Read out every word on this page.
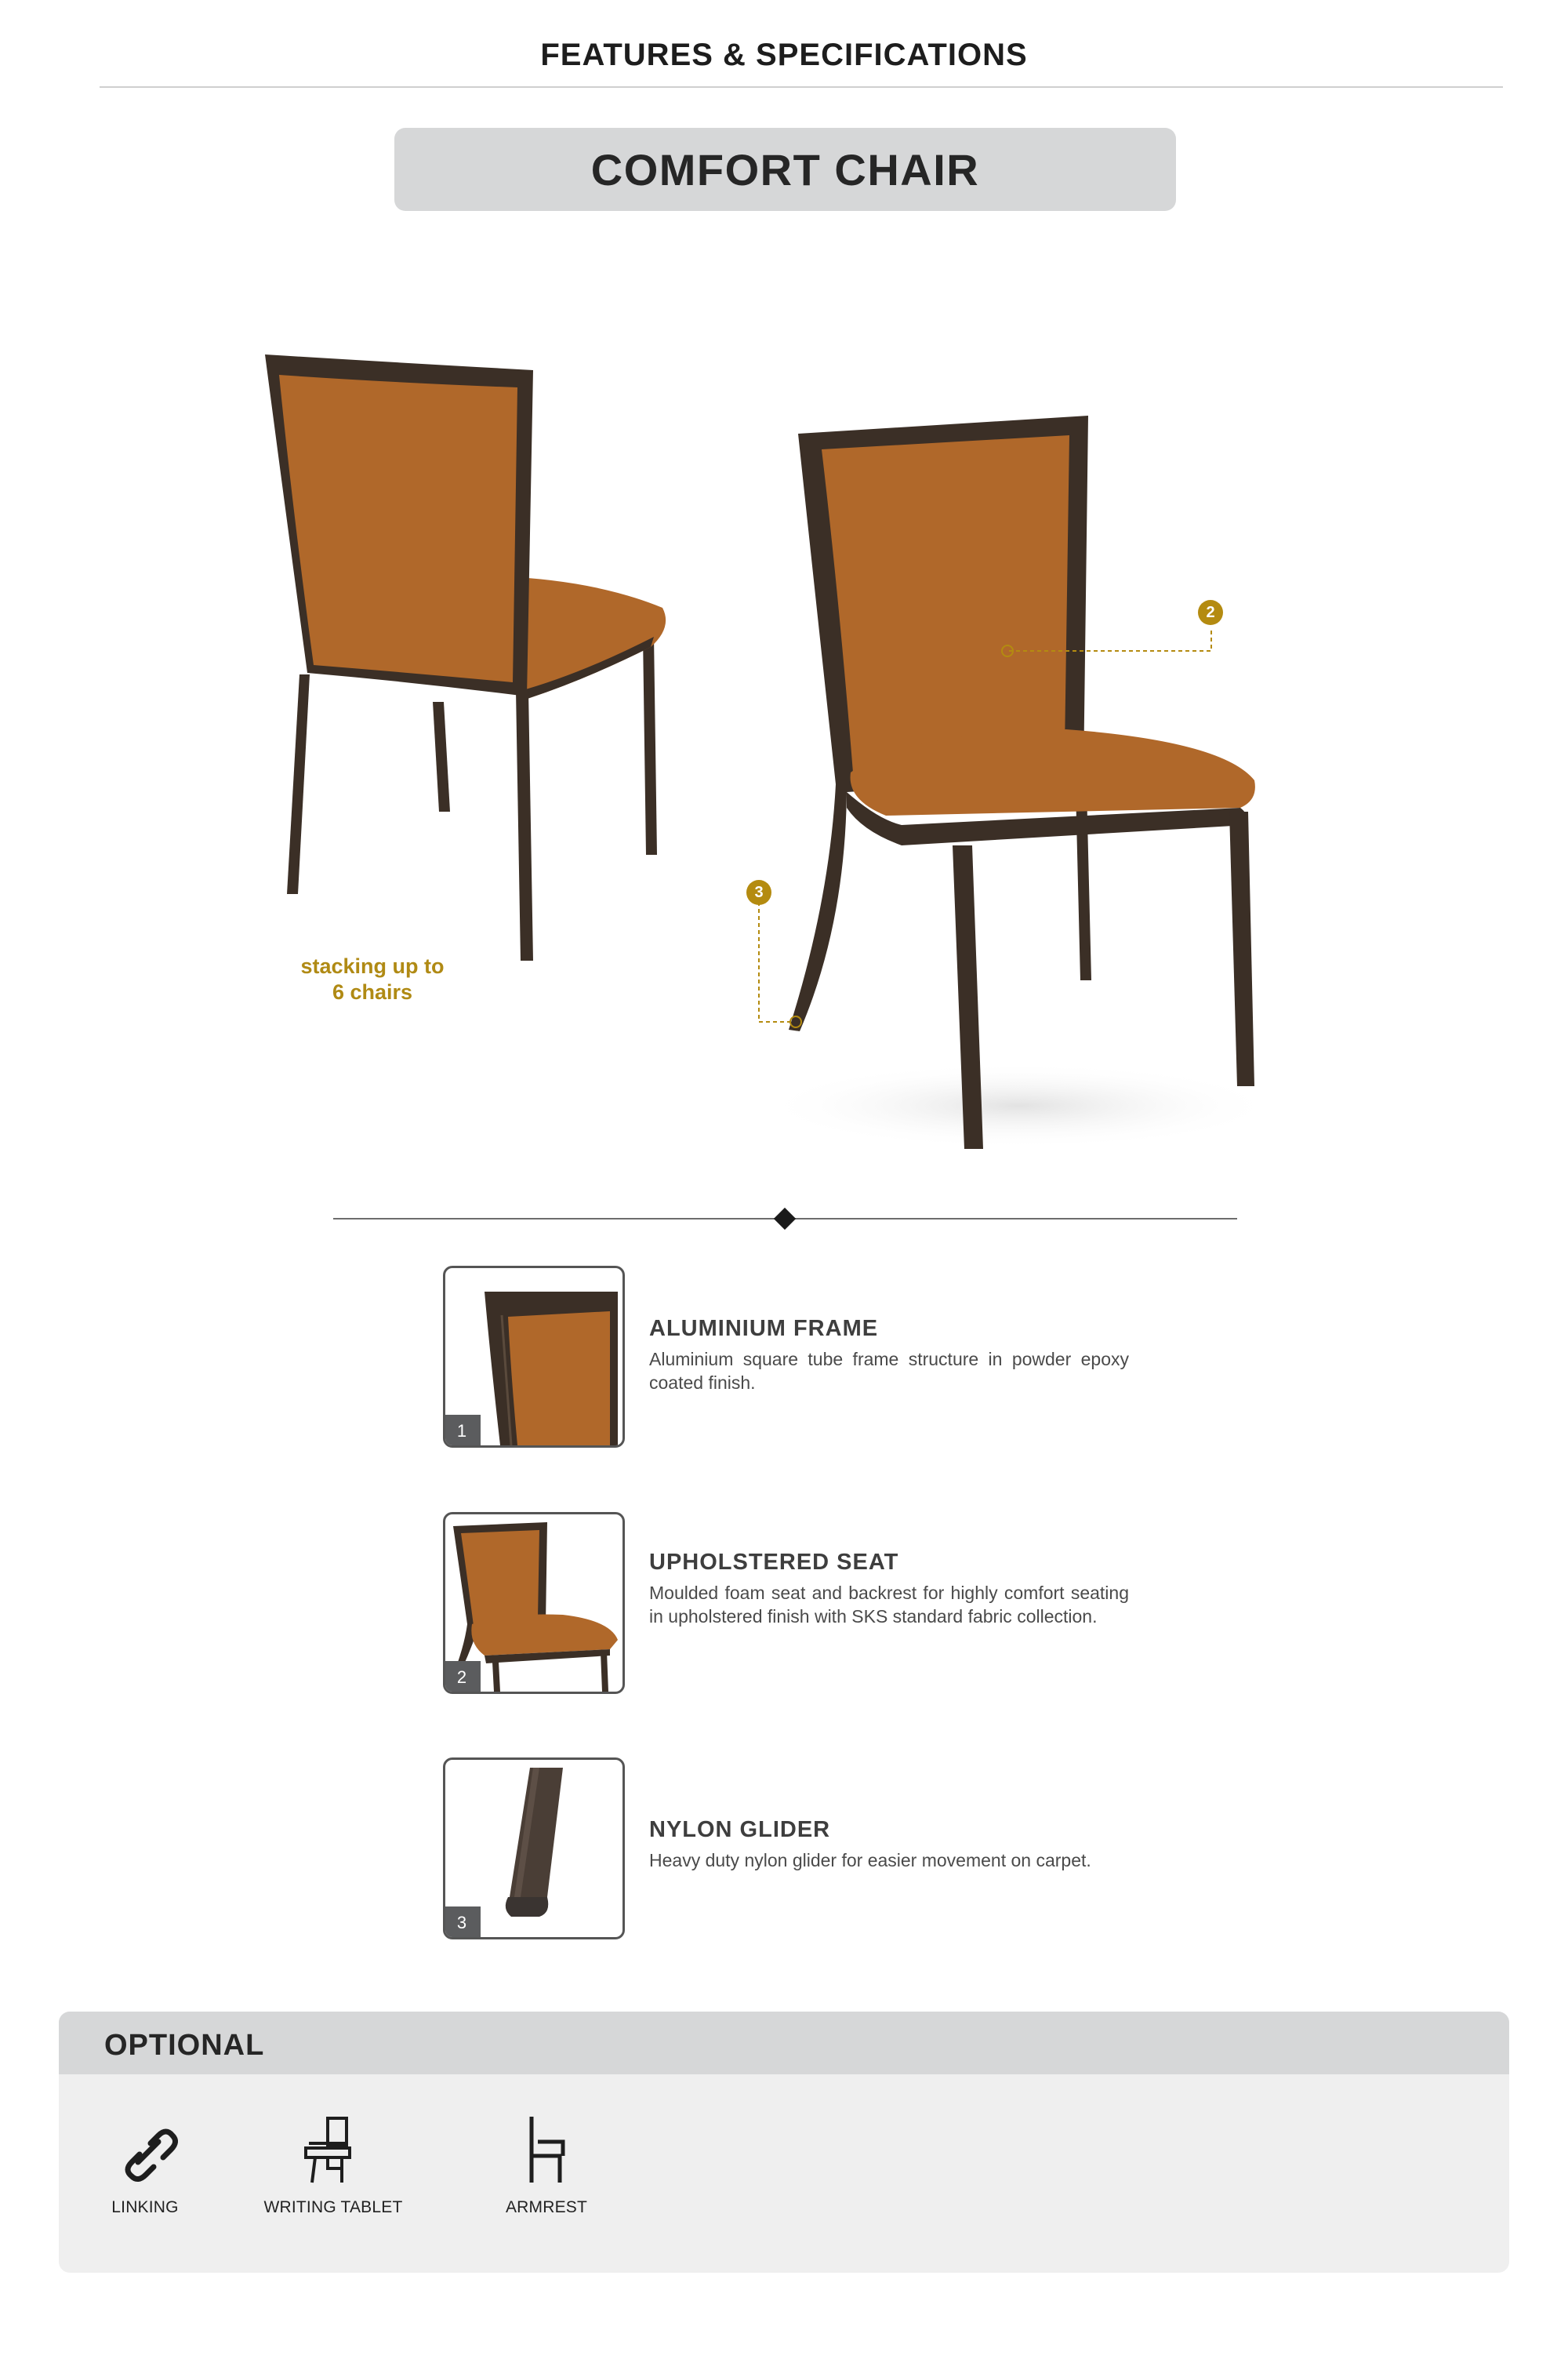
FEATURES & SPECIFICATIONS
COMFORT CHAIR
2
3
stacking up to
6 chairs
1
ALUMINIUM FRAME
Aluminium square tube frame structure in powder epoxy coated finish.
2
UPHOLSTERED SEAT
Moulded foam seat and backrest for highly comfort seating in upholstered finish with SKS standard fabric collection.
3
NYLON GLIDER
Heavy duty nylon glider for easier movement on carpet.
OPTIONAL
LINKING	WRITING TABLET	ARMREST
